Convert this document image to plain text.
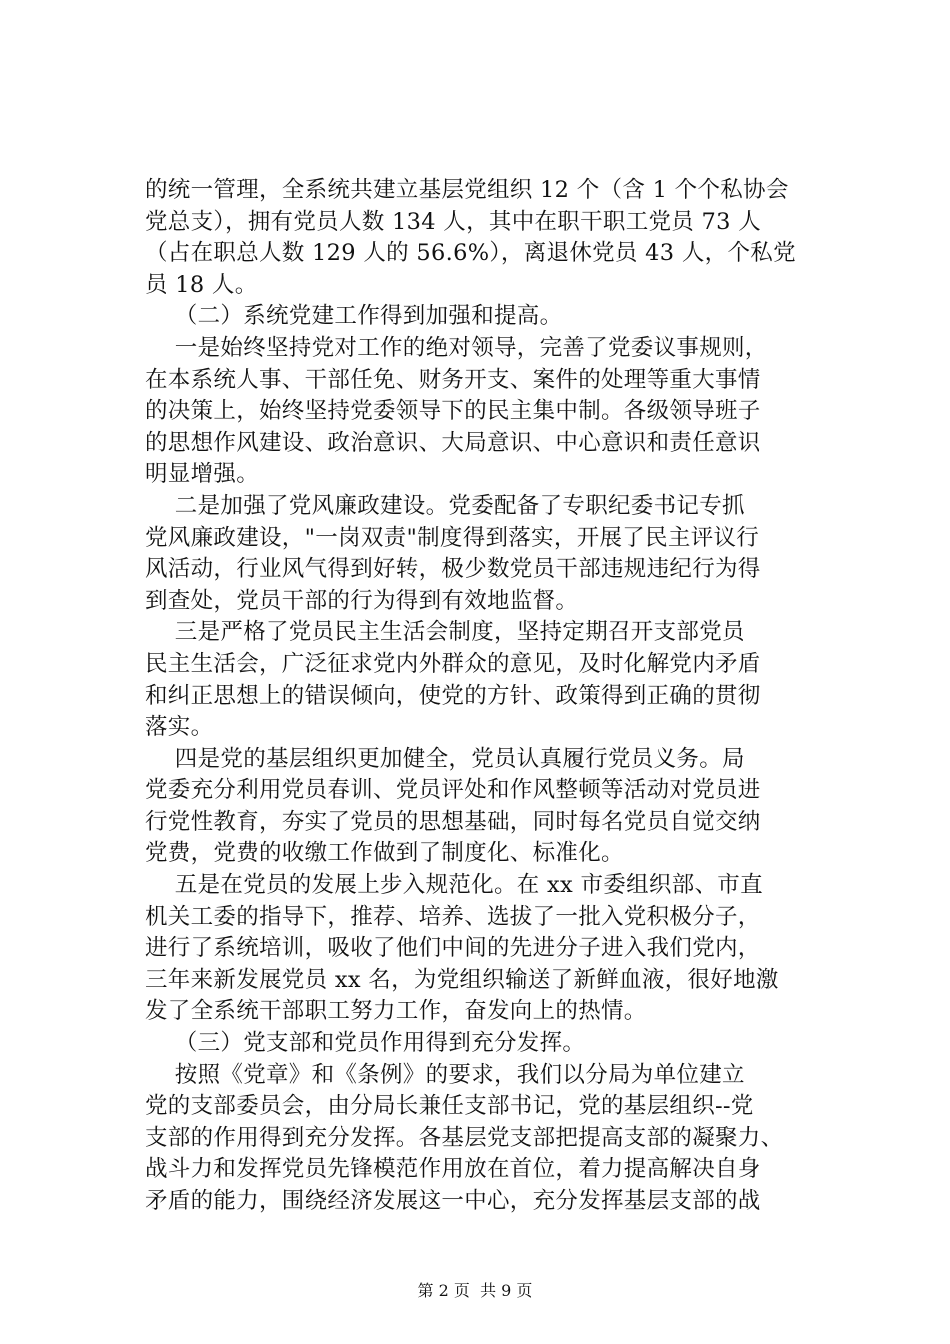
的统一管理，全系统共建立基层党组织 12 个（含 1 个个私协会
党总支），拥有党员人数 134 人，其中在职干职工党员 73 人
（占在职总人数 129 人的 56.6%），离退休党员 43 人，个私党
员 18 人。
（二）系统党建工作得到加强和提高。
一是始终坚持党对工作的绝对领导，完善了党委议事规则，
在本系统人事、干部任免、财务开支、案件的处理等重大事情
的决策上，始终坚持党委领导下的民主集中制。各级领导班子
的思想作风建设、政治意识、大局意识、中心意识和责任意识
明显增强。
二是加强了党风廉政建设。党委配备了专职纪委书记专抓
党风廉政建设，"一岗双责"制度得到落实，开展了民主评议行
风活动，行业风气得到好转，极少数党员干部违规违纪行为得
到查处，党员干部的行为得到有效地监督。
三是严格了党员民主生活会制度，坚持定期召开支部党员
民主生活会，广泛征求党内外群众的意见，及时化解党内矛盾
和纠正思想上的错误倾向，使党的方针、政策得到正确的贯彻
落实。
四是党的基层组织更加健全，党员认真履行党员义务。局
党委充分利用党员春训、党员评处和作风整顿等活动对党员进
行党性教育，夯实了党员的思想基础，同时每名党员自觉交纳
党费，党费的收缴工作做到了制度化、标准化。
五是在党员的发展上步入规范化。在 xx 市委组织部、市直
机关工委的指导下，推荐、培养、选拔了一批入党积极分子，
进行了系统培训，吸收了他们中间的先进分子进入我们党内，
三年来新发展党员 xx 名，为党组织输送了新鲜血液，很好地激
发了全系统干部职工努力工作，奋发向上的热情。
（三）党支部和党员作用得到充分发挥。
按照《党章》和《条例》的要求，我们以分局为单位建立
党的支部委员会，由分局长兼任支部书记，党的基层组织--党
支部的作用得到充分发挥。各基层党支部把提高支部的凝聚力、
战斗力和发挥党员先锋模范作用放在首位，着力提高解决自身
矛盾的能力，围绕经济发展这一中心，充分发挥基层支部的战
第 2 页  共 9 页
